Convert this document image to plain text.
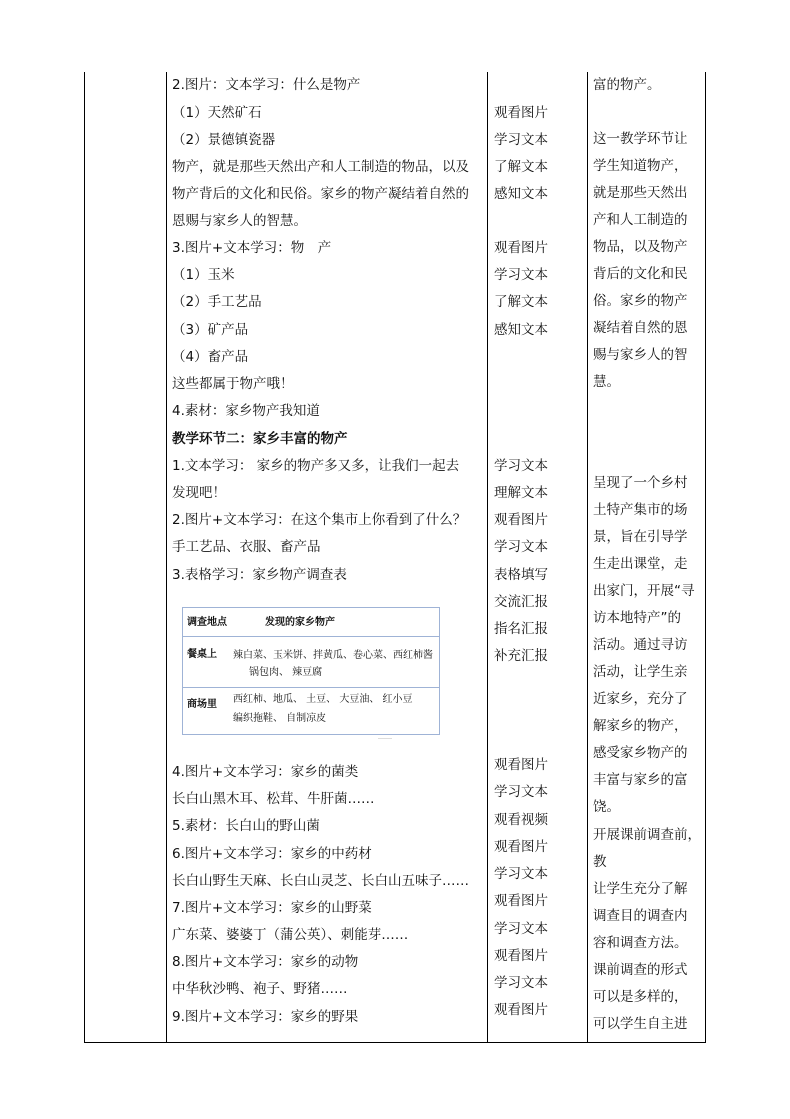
2.图片：文本学习：什么是物产
（1）天然矿石
（2）景德镇瓷器
物产，就是那些天然出产和人工制造的物品，以及
物产背后的文化和民俗。家乡的物产凝结着自然的
恩赐与家乡人的智慧。
3.图片+文本学习：物　产
（1）玉米
（2）手工艺品
（3）矿产品
（4）畜产品
这些都属于物产哦！
4.素材：家乡物产我知道
教学环节二：家乡丰富的物产
1.文本学习： 家乡的物产多又多，让我们一起去
发现吧！
2.图片+文本学习：在这个集市上你看到了什么？
手工艺品、衣服、畜产品
3.表格学习：家乡物产调查表
4.图片+文本学习：家乡的菌类
长白山黑木耳、松茸、牛肝菌……
5.素材：长白山的野山菌
6.图片+文本学习：家乡的中药材
长白山野生天麻、长白山灵芝、长白山五味子……
7.图片+文本学习：家乡的山野菜
广东菜、婆婆丁（蒲公英）、刺能芽……
8.图片+文本学习：家乡的动物
中华秋沙鸭、袍子、野猪……
9.图片+文本学习：家乡的野果
观看图片
学习文本
了解文本
感知文本
观看图片
学习文本
了解文本
感知文本
学习文本
理解文本
观看图片
学习文本
表格填写
交流汇报
指名汇报
补充汇报
观看图片
学习文本
观看视频
观看图片
学习文本
观看图片
学习文本
观看图片
学习文本
观看图片
富的物产。
这一教学环节让
学生知道物产，
就是那些天然出
产和人工制造的
物品，以及物产
背后的文化和民
俗。家乡的物产
凝结着自然的恩
赐与家乡人的智
慧。
呈现了一个乡村
土特产集市的场
景，旨在引导学
生走出课堂，走
出家门，开展“寻
访本地特产”的
活动。通过寻访
活动，让学生亲
近家乡，充分了
解家乡的物产，
感受家乡物产的
丰富与家乡的富
饶。
开展课前调查前，
教
让学生充分了解
调查目的调查内
容和调查方法。
课前调查的形式
可以是多样的，
可以学生自主进
调查地点	发现的家乡物产
餐桌上 辣白菜、玉米饼、拌黄瓜、卷心菜、西红柿酱
锅包肉、 辣豆腐
商场里 西红柿、地瓜、 土豆、 大豆油、 红小豆
编织拖鞋、 自制凉皮
